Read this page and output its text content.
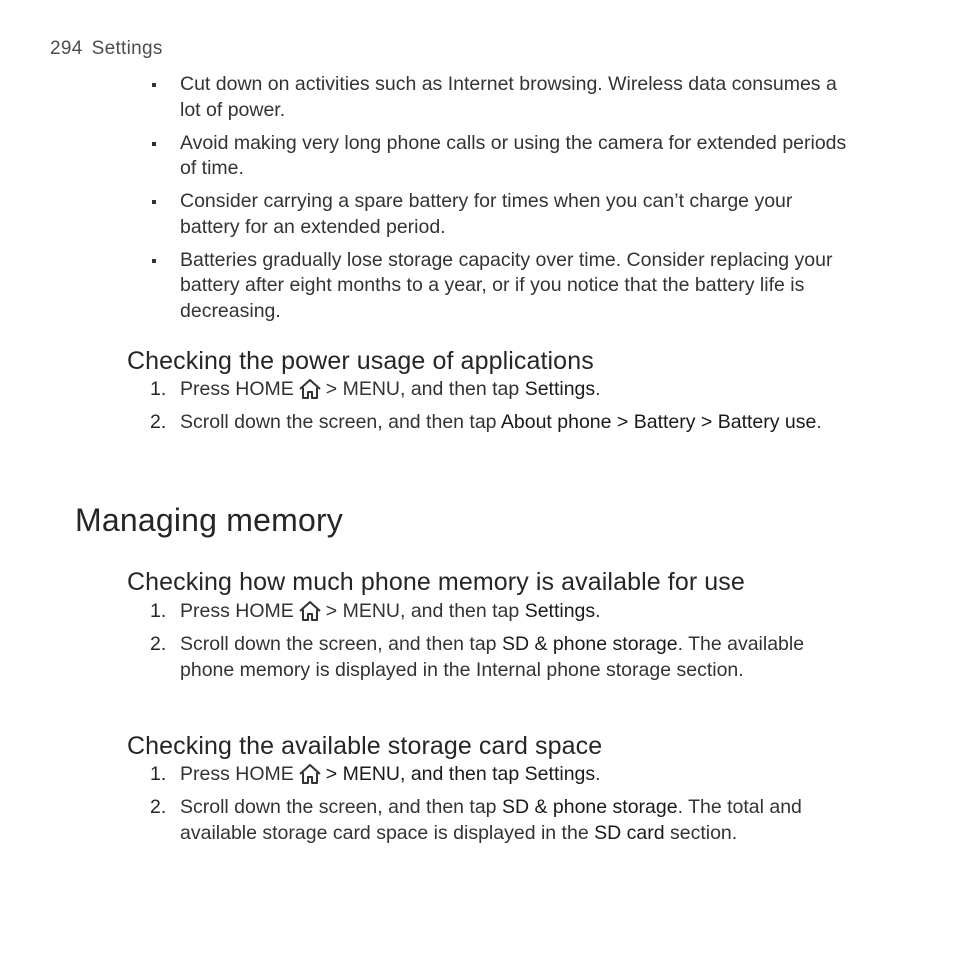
294 Settings
Cut down on activities such as Internet browsing. Wireless data consumes a lot of power.
Avoid making very long phone calls or using the camera for extended periods of time.
Consider carrying a spare battery for times when you can’t charge your battery for an extended period.
Batteries gradually lose storage capacity over time. Consider replacing your battery after eight months to a year, or if you notice that the battery life is decreasing.
Checking the power usage of applications
1. Press HOME > MENU, and then tap Settings.
2. Scroll down the screen, and then tap About phone > Battery > Battery use.
Managing memory
Checking how much phone memory is available for use
1. Press HOME > MENU, and then tap Settings.
2. Scroll down the screen, and then tap SD & phone storage. The available phone memory is displayed in the Internal phone storage section.
Checking the available storage card space
1. Press HOME > MENU, and then tap Settings.
2. Scroll down the screen, and then tap SD & phone storage. The total and available storage card space is displayed in the SD card section.
